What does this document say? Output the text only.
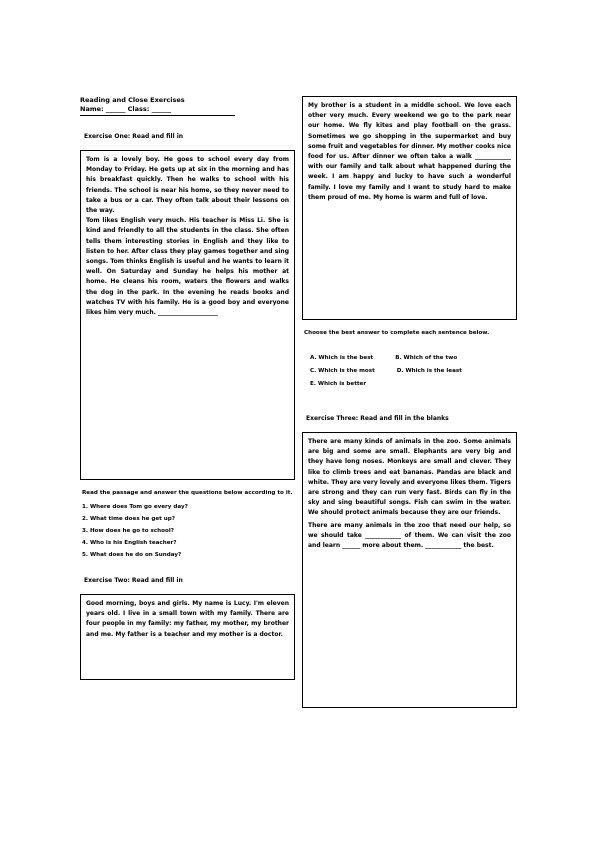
Reading and Close Exercises
Name: ______ Class: ______
Exercise One: Read and fill in

Tom is a lovely boy. He goes to school every day from Monday to Friday. He gets up at six in the morning and has his breakfast quickly. Then he walks to school with his friends. The school is near his home, so they never need to take a bus or a car. They often talk about their lessons on the way.

Tom likes English very much. His teacher is Miss Li. She is kind and friendly to all the students in the class. She often tells them interesting stories in English and they like to listen to her. After class they play games together and sing songs. Tom thinks English is useful and he wants to learn it well. On Saturday and Sunday he helps his mother at home. He cleans his room, waters the flowers and walks the dog in the park. In the evening he reads books and watches TV with his family. He is a good boy and everyone likes him very much. ____________________

Read the passage and answer the questions below according to it.
1. Where does Tom go every day?
2. What time does he get up?
3. How does he go to school?
4. Who is his English teacher?
5. What does he do on Sunday?
Exercise Two: Read and fill in

Good morning, boys and girls. My name is Lucy. I'm eleven years old. I live in a small town with my family. There are four people in my family: my father, my mother, my brother and me. My father is a teacher and my mother is a doctor.

My brother is a student in a middle school. We love each other very much. Every weekend we go to the park near our home. We fly kites and play football on the grass. Sometimes we go shopping in the supermarket and buy some fruit and vegetables for dinner. My mother cooks nice food for us. After dinner we often take a walk ____________ with our family and talk about what happened during the week. I am happy and lucky to have such a wonderful family. I love my family and I want to study hard to make them proud of me. My home is warm and full of love.

Choose the best answer to complete each sentence below.
A. Which is the best	B. Which of the two
C. Which is the most	D. Which is the least
E. Which is better
Exercise Three: Read and fill in the blanks

There are many kinds of animals in the zoo. Some animals are big and some are small. Elephants are very big and they have long noses. Monkeys are small and clever. They like to climb trees and eat bananas. Pandas are black and white. They are very lovely and everyone likes them. Tigers are strong and they can run very fast. Birds can fly in the sky and sing beautiful songs. Fish can swim in the water. We should protect animals because they are our friends.

There are many animals in the zoo that need our help, so we should take ____________ of them. We can visit the zoo and learn ______ more about them. ____________ the best.
